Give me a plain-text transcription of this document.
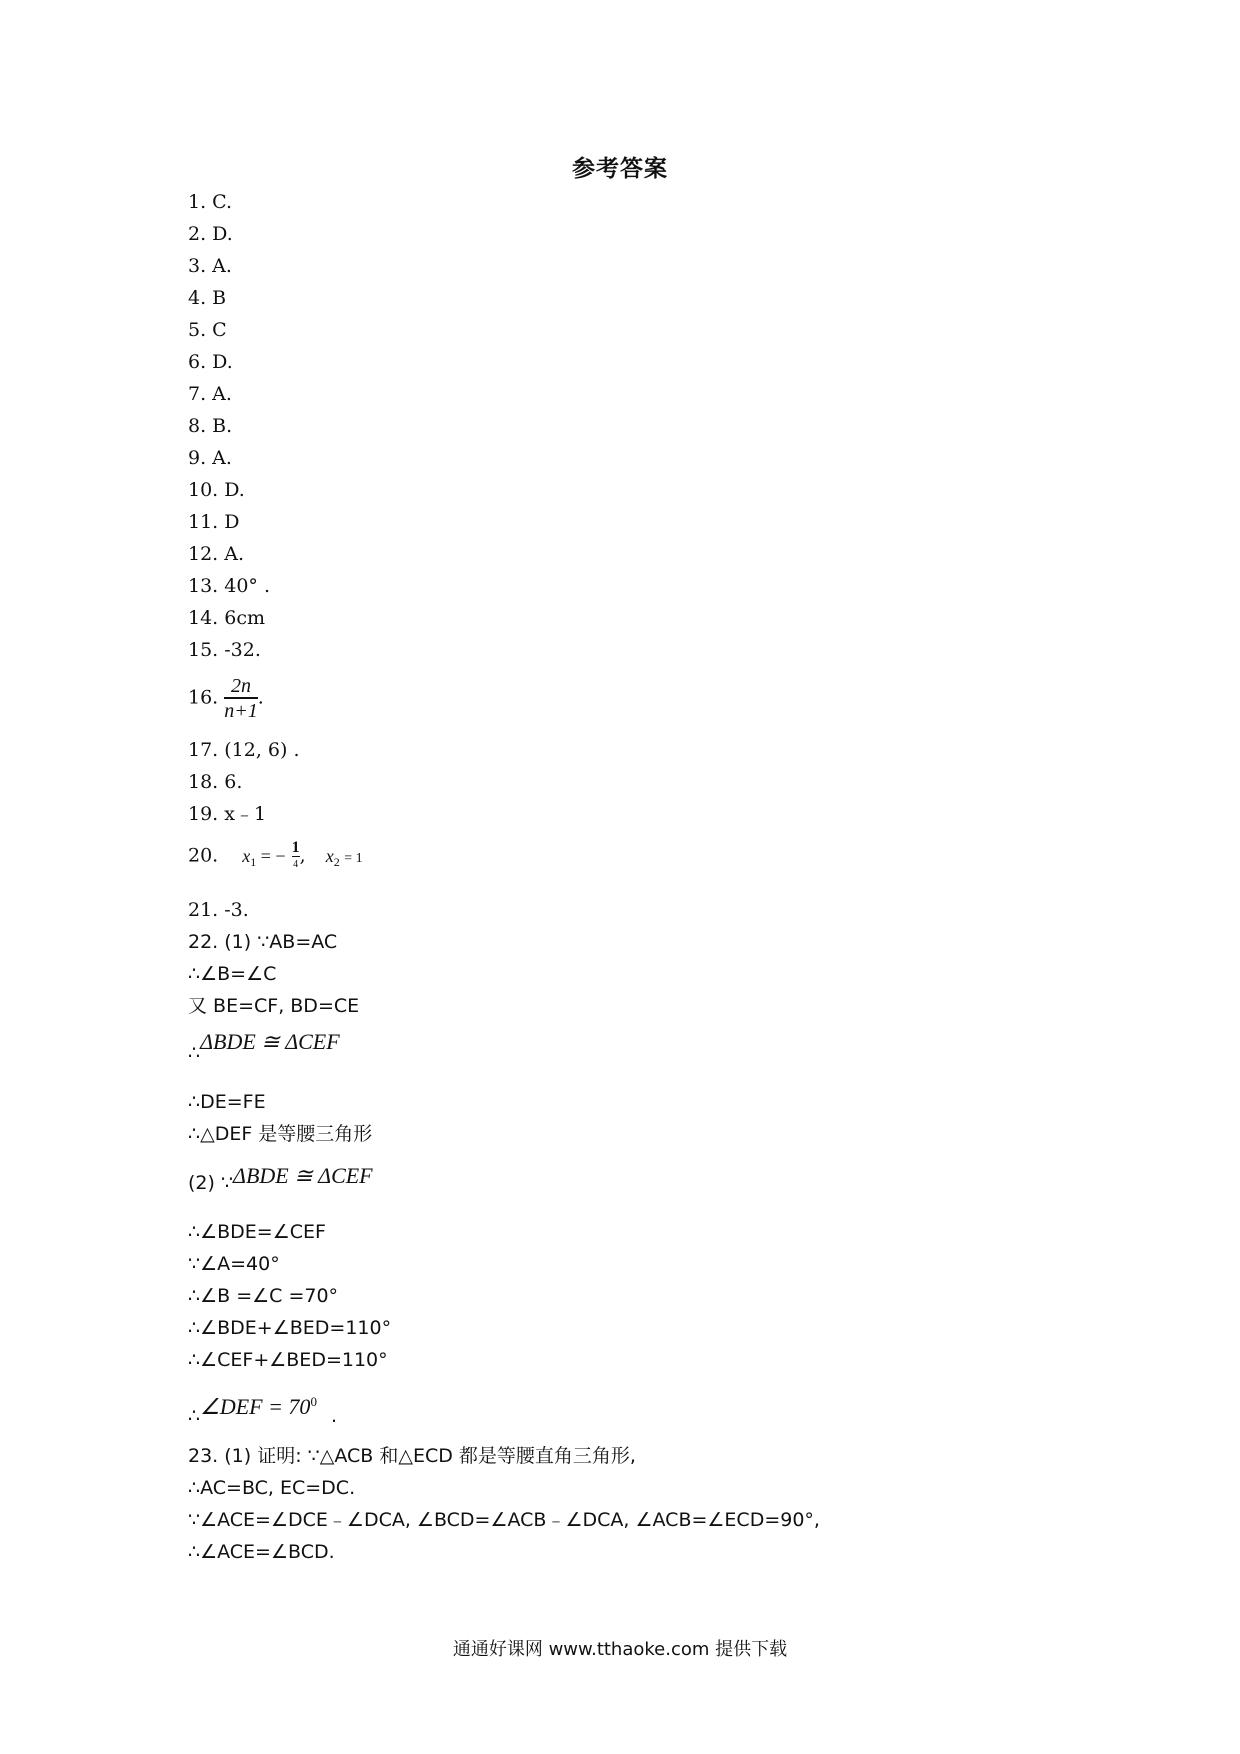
参考答案
1. C.
2. D.
3. A.
4. B
5. C
6. D.
7. A.
8. B.
9. A.
10. D.
11. D
12. A.
13. 40° .
14. 6cm
15. -32.
16. $\frac{2n}{n+1}$ .
17. (12, 6) .
18. 6.
19. x﹣1
20. $x_1$ = − $\frac{1}{4}$ , $x_2 = 1$
21. -3.
22. (1) ∵AB=AC
∴∠B=∠C
又 BE=CF, BD=CE
∴ΔBDE ≅ ΔCEF
∴DE=FE
∴△DEF 是等腰三角形
(2) ∵ΔBDE ≅ ΔCEF
∴∠BDE=∠CEF
∵∠A=40°
∴∠B =∠C =70°
∴∠BDE+∠BED=110°
∴∠CEF+∠BED=110°
∴∠DEF = $70^0$ .
23. (1) 证明: ∵△ACB 和△ECD 都是等腰直角三角形,
∴AC=BC, EC=DC.
∵∠ACE=∠DCE﹣∠DCA, ∠BCD=∠ACB﹣∠DCA, ∠ACB=∠ECD=90°,
∴∠ACE=∠BCD.
通通好课网 www.tthaoke.com 提供下载
